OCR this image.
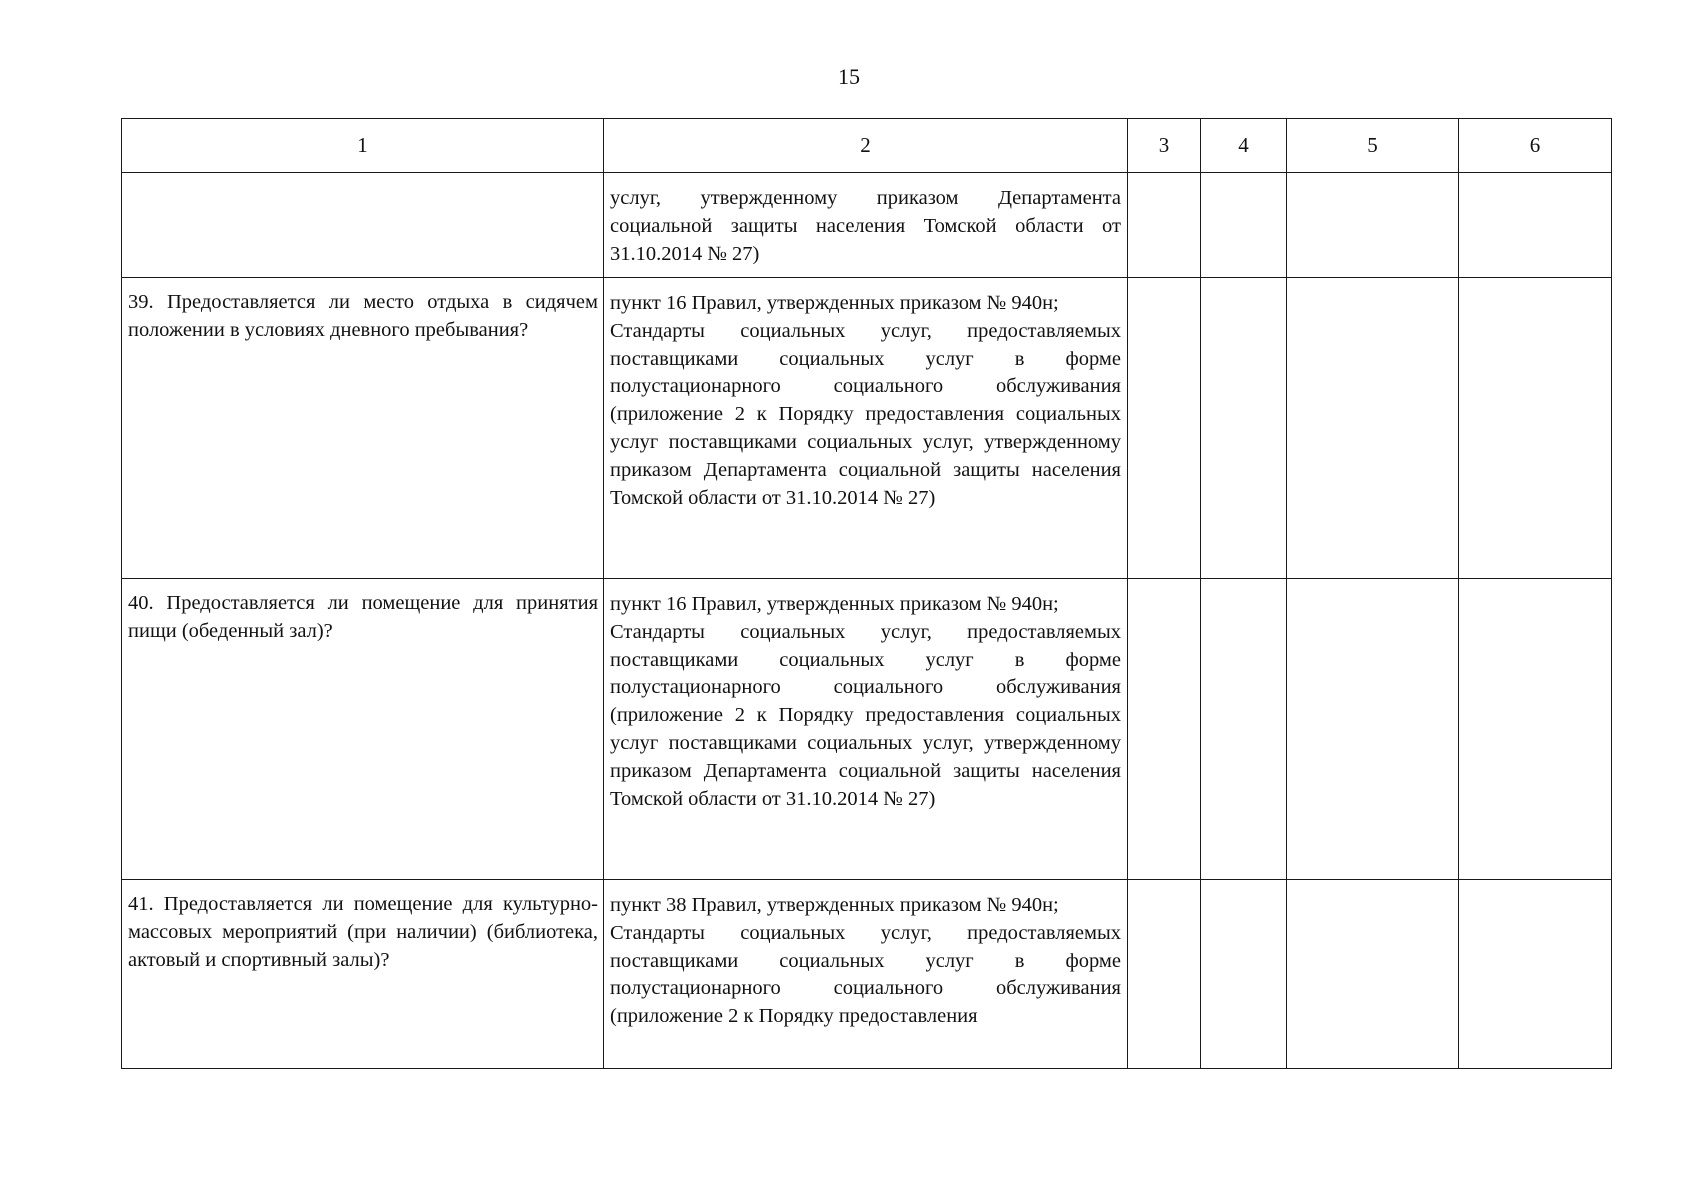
15
1	2	3	4	5	6

	услуг, утвержденному приказом Департамента социальной защиты населения Томской области от 31.10.2014 № 27)				

39. Предоставляется ли место отдыха в сидячем положении в условиях дневного пребывания?	пункт 16 Правил, утвержденных приказом № 940н;
Стандарты социальных услуг, предоставляемых поставщиками социальных услуг в форме полустационарного социального обслуживания (приложение 2 к Порядку предоставления социальных услуг поставщиками социальных услуг, утвержденному приказом Департамента социальной защиты населения Томской области от 31.10.2014 № 27)				

40. Предоставляется ли помещение для принятия пищи (обеденный зал)?	пункт 16 Правил, утвержденных приказом № 940н;
Стандарты социальных услуг, предоставляемых поставщиками социальных услуг в форме полустационарного социального обслуживания (приложение 2 к Порядку предоставления социальных услуг поставщиками социальных услуг, утвержденному приказом Департамента социальной защиты населения Томской области от 31.10.2014 № 27)				

41. Предоставляется ли помещение для культурно-массовых мероприятий (при наличии) (библиотека, актовый и спортивный залы)?	пункт 38 Правил, утвержденных приказом № 940н;
Стандарты социальных услуг, предоставляемых поставщиками социальных услуг в форме полустационарного социального обслуживания (приложение 2 к Порядку предоставления				
